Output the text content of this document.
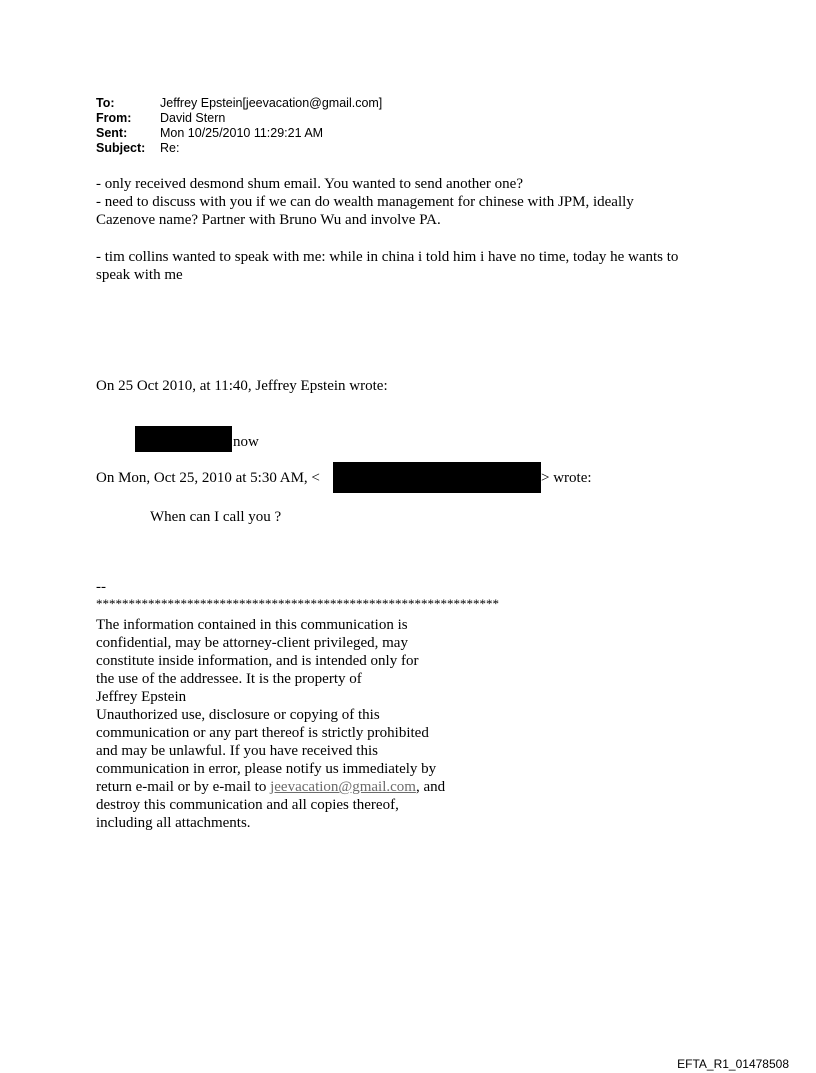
To:	Jeffrey Epstein[jeevacation@gmail.com]
From: David Stern
Sent:	Mon 10/25/2010 11:29:21 AM
Subject: Re:
- only received desmond shum email. You wanted to send another one?
- need to discuss with you if we can do wealth management for chinese with JPM, ideally
Cazenove name? Partner with Bruno Wu and involve PA.
- tim collins wanted to speak with me: while in china i told him i have no time, today he wants to
speak with me
On 25 Oct 2010, at 11:40, Jeffrey Epstein wrote:
now
On Mon, Oct 25, 2010 at 5:30 AM, <	> wrote:
When can I call you ?
--
**************************************************************
The information contained in this communication is
confidential, may be attorney-client privileged, may
constitute inside information, and is intended only for
the use of the addressee. It is the property of
Jeffrey Epstein
Unauthorized use, disclosure or copying of this
communication or any part thereof is strictly prohibited
and may be unlawful. If you have received this
communication in error, please notify us immediately by
return e-mail or by e-mail to jeevacation@gmail.com, and
destroy this communication and all copies thereof,
including all attachments.
EFTA_R1_01478508
